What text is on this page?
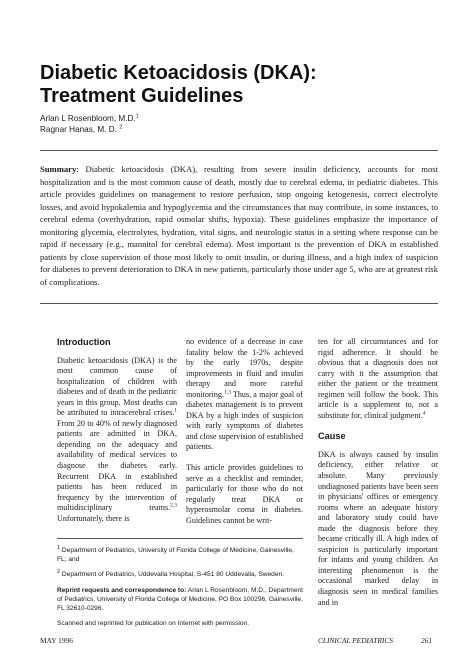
Diabetic Ketoacidosis (DKA):
Treatment Guidelines
Arlan L Rosenbloom, M.D.$^1$
Ragnar Hanas, M. D. $^2$

Summary: Diabetic ketoacidosis (DKA), resulting from severe insulin deficiency, accounts for most hospitalization and is the most common cause of death, mostly due to cerebral edema, in pediatric diabetes. This article provides guidelines on management to restore perfusion, stop ongoing ketogenesis, correct electrolyte losses, and avoid hypokalemia and hypoglycemia and the circumstances that may contribute, in some instances, to cerebral edema (overhydration, rapid osmolar shifts, hypoxia). These guidelines emphasize the importance of monitoring glycemia, electrolytes, hydration, vital signs, and neurologic status in a setting where response can be rapid if necessary (e.g., mannitol for cerebral edema). Most important is the prevention of DKA in established patients by close supervision of those most likely to omit insulin, or during illness, and a high index of suspicion for diabetes to prevent deterioration to DKA in new patients, particularly those under age 5, who are at greatest risk of complications.

Introduction

Diabetic ketoacidosis (DKA) is the most common cause of hospitalization of children with diabetes and of death in the pediatric years in this group. Most deaths can be attributed to intracerebral crises.$^1$ From 20 to 40% of newly diagnosed patients are admitted in DKA, depending on the adequacy and availability of medical services to diagnose the diabetes early. Recurrent DKA in established patients has been reduced in frequency by the intervention of multidisciplinary teams.$^{2,3}$ Unfortunately, there is

no evidence of a decrease in case fatality below the 1-2% achieved by the early 1970s, despite improvements in fluid and insulin therapy and more careful monitoring.$^{1,3}$ Thus, a major goal of diabetes management is to prevent DKA by a high index of suspicion with early symptoms of diabetes and close supervision of established patients.

This article provides guidelines to serve as a checklist and reminder, particularly for those who do not regularly treat DKA or hyperosmolar coma in diabetes. Guidelines cannot be writ-

ten for all circumstances and for rigid adherence. It should be obvious that a diagnosis does not carry with it the assumption that either the patient or the treatment regimen will follow the book. This article is a supplement to, not a substitute for, clinical judgment.$^4$

Cause

DKA is always caused by insulin deficiency, either relative or absolute. Many previously undiagnosed patients have been seen in physicians' offices or emergency rooms where an adequate history and laboratory study could have made the diagnosis before they became critically ill. A high index of suspicion is particularly important for infants and young children. An interesting phenomenon is the occasional marked delay in diagnosis seen in medical families and in

$^1$ Department of Pediatrics, University of Florida College of Medicine, Gainesville, FL; and

$^2$ Department of Pediatrics, Uddevalla Hospital, S-451 80 Uddevalla, Sweden.

Reprint requests and correspondence to: Arlan L Rosenbloom, M.D., Department of Pediatrics, University of Florida College of Medicine, PO Box 100296, Gainesville, FL 32610-0296.

Scanned and reprinted for publication on Internet with permission.

MAY 1996	CLINICAL PEDIATRICS	261
